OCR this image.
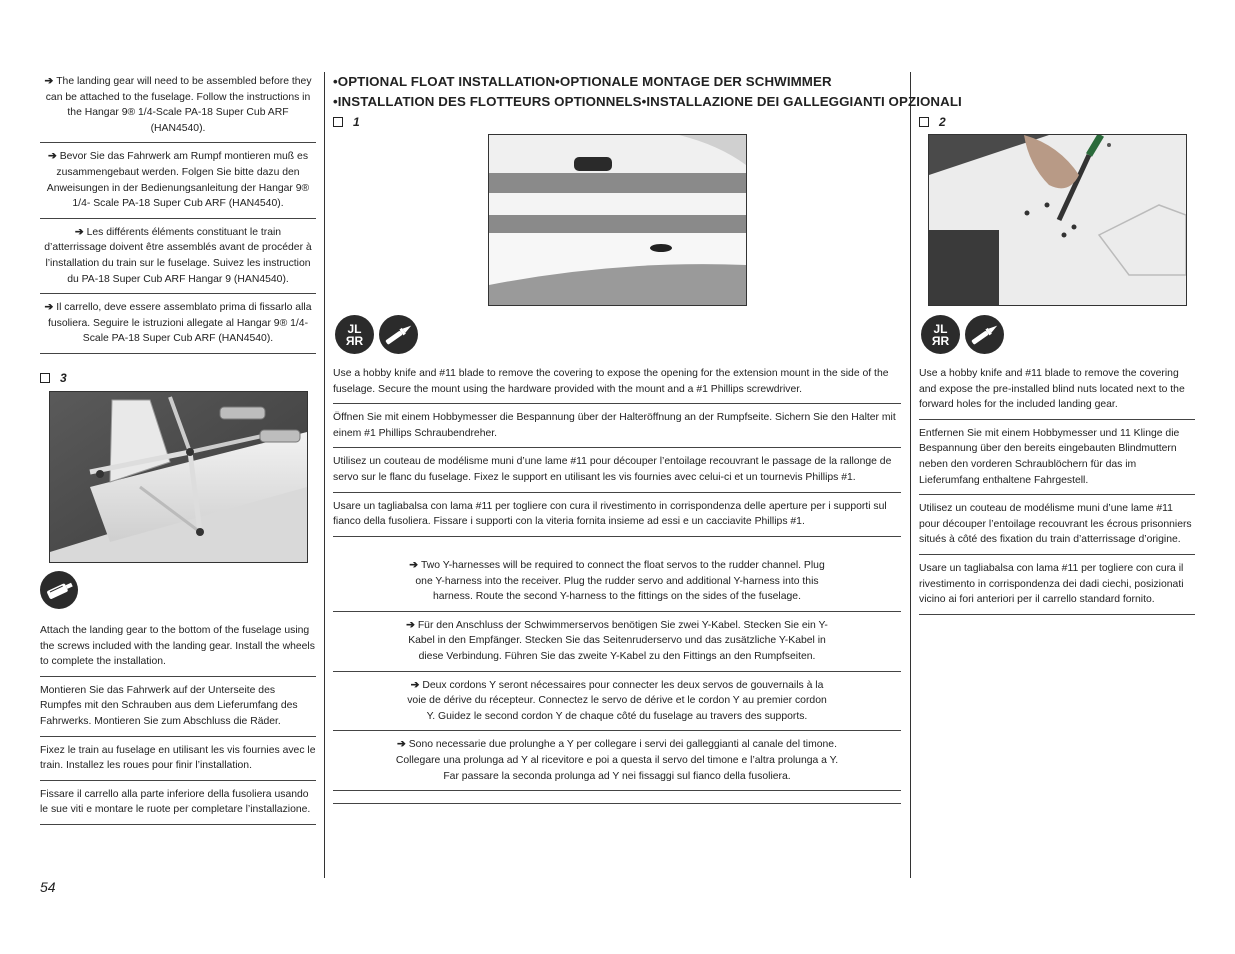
➔ The landing gear will need to be assembled before they can be attached to the fuselage. Follow the instructions in the Hangar 9® 1/4-Scale PA-18 Super Cub ARF (HAN4540).
➔ Bevor Sie das Fahrwerk am Rumpf montieren muß es zusammengebaut werden. Folgen Sie bitte dazu den Anweisungen in der Bedienungsanleitung der Hangar 9® 1/4- Scale PA-18 Super Cub ARF (HAN4540).
➔ Les différents éléments constituant le train d’atterrissage doivent être assemblés avant de procéder à l’installation du train sur le fuselage. Suivez les instruction du PA-18 Super Cub ARF Hangar 9 (HAN4540).
➔ Il carrello, deve essere assemblato prima di fissarlo alla fusoliera. Seguire le istruzioni allegate al Hangar 9® 1/4- Scale PA-18 Super Cub ARF (HAN4540).
3
Attach the landing gear to the bottom of the fuselage using the screws included with the landing gear. Install the wheels to complete the installation.
Montieren Sie das Fahrwerk auf der Unterseite des Rumpfes mit den Schrauben aus dem Lieferumfang des Fahrwerks. Montieren Sie zum Abschluss die Räder.
Fixez le train au fuselage en utilisant les vis fournies avec le train. Installez les roues pour finir l’installation.
Fissare il carrello alla parte inferiore della fusoliera usando le sue viti e montare le ruote per completare l’installazione.
54
•OPTIONAL FLOAT INSTALLATION•OPTIONALE MONTAGE DER SCHWIMMER
•INSTALLATION DES FLOTTEURS OPTIONNELS•INSTALLAZIONE DEI GALLEGGIANTI OPZIONALI
1
JL
ЯR
Use a hobby knife and #11 blade to remove the covering to expose the opening for the extension mount in the side of the fuselage. Secure the mount using the hardware provided with the mount and a #1 Phillips screwdriver.
Öffnen Sie mit einem Hobbymesser die Bespannung über der Halteröffnung an der Rumpfseite. Sichern Sie den Halter mit einem #1 Phillips Schraubendreher.
Utilisez un couteau de modélisme muni d’une lame #11 pour découper l’entoilage recouvrant le passage de la rallonge de servo sur le flanc du fuselage. Fixez le support en utilisant les vis fournies avec celui-ci et un tournevis Phillips #1.
Usare un tagliabalsa con lama #11 per togliere con cura il rivestimento in corrispondenza delle aperture per i supporti sul fianco della fusoliera. Fissare i supporti con la viteria fornita insieme ad essi e un cacciavite Phillips #1.
➔ Two Y-harnesses will be required to connect the float servos to the rudder channel. Plug one Y-harness into the receiver. Plug the rudder servo and additional Y-harness into this harness. Route the second Y-harness to the fittings on the sides of the fuselage.
➔ Für den Anschluss der Schwimmerservos benötigen Sie zwei Y-Kabel. Stecken Sie ein Y-Kabel in den Empfänger. Stecken Sie das Seitenruderservo und das zusätzliche Y-Kabel in diese Verbindung. Führen Sie das zweite Y-Kabel zu den Fittings an den Rumpfseiten.
➔ Deux cordons Y seront nécessaires pour connecter les deux servos de gouvernails à la voie de dérive du récepteur. Connectez le servo de dérive et le cordon Y au premier cordon Y. Guidez le second cordon Y de chaque côté du fuselage au travers des supports.
➔ Sono necessarie due prolunghe a Y per collegare i servi dei galleggianti al canale del timone. Collegare una prolunga ad Y al ricevitore e poi a questa il servo del timone e l’altra prolunga a Y. Far passare la seconda prolunga ad Y nei fissaggi sul fianco della fusoliera.
2
JL
ЯR
Use a hobby knife and #11 blade to remove the covering and expose the pre-installed blind nuts located next to the forward holes for the included landing gear.
Entfernen Sie mit einem Hobbymesser und 11 Klinge die Bespannung über den bereits eingebauten Blindmuttern neben den vorderen Schraublöchern für das im Lieferumfang enthaltene Fahrgestell.
Utilisez un couteau de modélisme muni d’une lame #11 pour découper l’entoilage recouvrant les écrous prisonniers situés à côté des fixation du train d’atterrissage d’origine.
Usare un tagliabalsa con lama #11 per togliere con cura il rivestimento in corrispondenza dei dadi ciechi, posizionati vicino ai fori anteriori per il carrello standard fornito.
